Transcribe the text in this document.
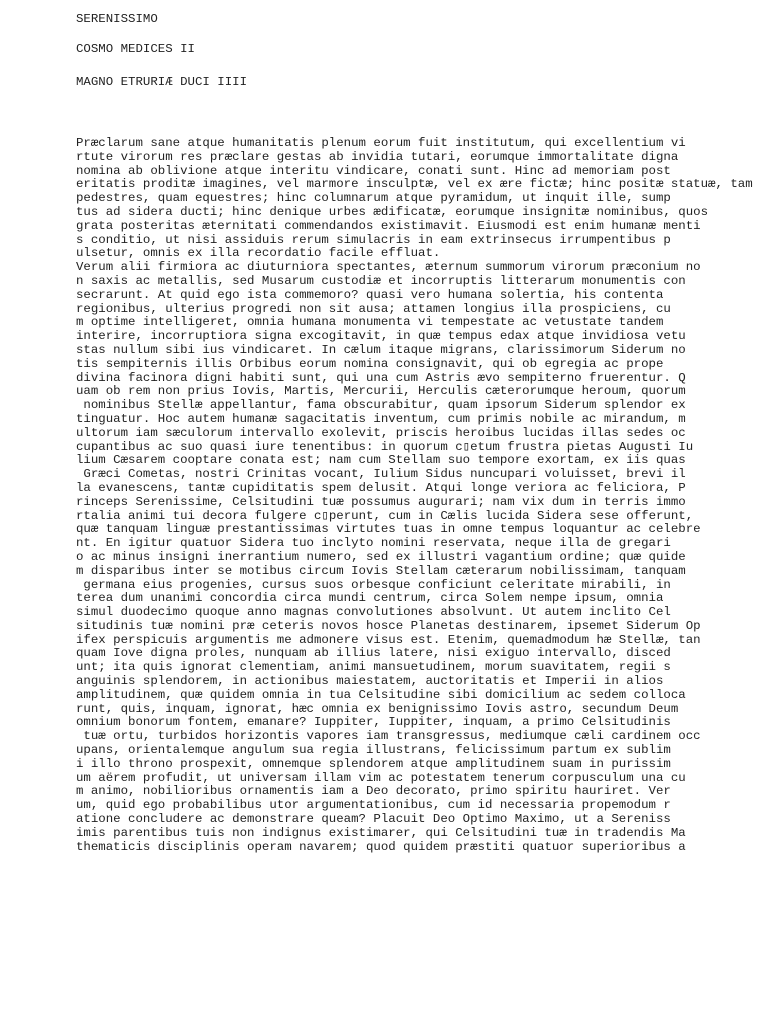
SERENISSIMO
COSMO MEDICES II
MAGNO ETRURIÆ DUCI IIII
Præclarum sane atque humanitatis plenum eorum fuit institutum, qui excellentium vi
rtute virorum res præclare gestas ab invidia tutari, eorumque immortalitate digna
nomina ab oblivione atque interitu vindicare, conati sunt. Hinc ad memoriam post
eritatis proditæ imagines, vel marmore insculptæ, vel ex ære fictæ; hinc positæ statuæ, tam
pedestres, quam equestres; hinc columnarum atque pyramidum, ut inquit ille, sump
tus ad sidera ducti; hinc denique urbes ædificatæ, eorumque insignitæ nominibus, quos
grata posteritas æternitati commendandos existimavit. Eiusmodi est enim humanæ menti
s conditio, ut nisi assiduis rerum simulacris in eam extrinsecus irrumpentibus p
ulsetur, omnis ex illa recordatio facile effluat.
Verum alii firmiora ac diuturniora spectantes, æternum summorum virorum præconium no
n saxis ac metallis, sed Musarum custodiæ et incorruptis litterarum monumentis con
secrarunt. At quid ego ista commemoro? quasi vero humana solertia, his contenta
regionibus, ulterius progredi non sit ausa; attamen longius illa prospiciens, cu
m optime intelligeret, omnia humana monumenta vi tempestate ac vetustate tandem
interire, incorruptiora signa excogitavit, in quæ tempus edax atque invidiosa vetu
stas nullum sibi ius vindicaret. In cælum itaque migrans, clarissimorum Siderum no
tis sempiternis illis Orbibus eorum nomina consignavit, qui ob egregia ac prope
divina facinora digni habiti sunt, qui una cum Astris ævo sempiterno fruerentur. Q
uam ob rem non prius Iovis, Martis, Mercurii, Herculis cæterorumque heroum, quorum
nominibus Stellæ appellantur, fama obscurabitur, quam ipsorum Siderum splendor ex
tinguatur. Hoc autem humanæ sagacitatis inventum, cum primis nobile ac mirandum, m
ultorum iam sæculorum intervallo exolevit, priscis heroibus lucidas illas sedes oc
cupantibus ac suo quasi iure tenentibus: in quorum c▯etum frustra pietas Augusti Iu
lium Cæsarem cooptare conata est; nam cum Stellam suo tempore exortam, ex iis quas
Græci Cometas, nostri Crinitas vocant, Iulium Sidus nuncupari voluisset, brevi il
la evanescens, tantæ cupiditatis spem delusit. Atqui longe veriora ac feliciora, P
rinceps Serenissime, Celsitudini tuæ possumus augurari; nam vix dum in terris immo
rtalia animi tui decora fulgere c▯perunt, cum in Cælis lucida Sidera sese offerunt,
quæ tanquam linguæ prestantissimas virtutes tuas in omne tempus loquantur ac celebre
nt. En igitur quatuor Sidera tuo inclyto nomini reservata, neque illa de gregari
o ac minus insigni inerrantium numero, sed ex illustri vagantium ordine; quæ quide
m disparibus inter se motibus circum Iovis Stellam cæterarum nobilissimam, tanquam
germana eius progenies, cursus suos orbesque conficiunt celeritate mirabili, in
terea dum unanimi concordia circa mundi centrum, circa Solem nempe ipsum, omnia
simul duodecimo quoque anno magnas convolutiones absolvunt. Ut autem inclito Cel
situdinis tuæ nomini præ ceteris novos hosce Planetas destinarem, ipsemet Siderum Op
ifex perspicuis argumentis me admonere visus est. Etenim, quemadmodum hæ Stellæ, tan
quam Iove digna proles, nunquam ab illius latere, nisi exiguo intervallo, disced
unt; ita quis ignorat clementiam, animi mansuetudinem, morum suavitatem, regii s
anguinis splendorem, in actionibus maiestatem, auctoritatis et Imperii in alios
amplitudinem, quæ quidem omnia in tua Celsitudine sibi domicilium ac sedem colloca
runt, quis, inquam, ignorat, hæc omnia ex benignissimo Iovis astro, secundum Deum
omnium bonorum fontem, emanare? Iuppiter, Iuppiter, inquam, a primo Celsitudinis
tuæ ortu, turbidos horizontis vapores iam transgressus, mediumque cæli cardinem occ
upans, orientalemque angulum sua regia illustrans, felicissimum partum ex sublim
i illo throno prospexit, omnemque splendorem atque amplitudinem suam in purissim
um aërem profudit, ut universam illam vim ac potestatem tenerum corpusculum una cu
m animo, nobilioribus ornamentis iam a Deo decorato, primo spiritu hauriret. Ver
um, quid ego probabilibus utor argumentationibus, cum id necessaria propemodum r
atione concludere ac demonstrare queam? Placuit Deo Optimo Maximo, ut a Sereniss
imis parentibus tuis non indignus existimarer, qui Celsitudini tuæ in tradendis Ma
thematicis disciplinis operam navarem; quod quidem præstiti quatuor superioribus a
